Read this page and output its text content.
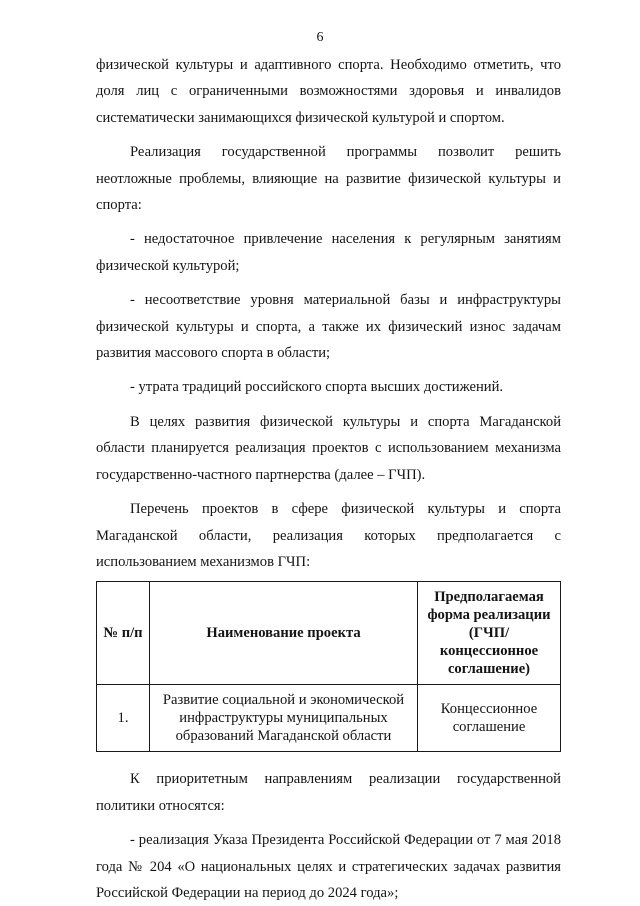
6

физической культуры и адаптивного спорта. Необходимо отметить, что доля лиц с ограниченными возможностями здоровья и инвалидов систематически занимающихся физической культурой и спортом.

Реализация государственной программы позволит решить неотложные проблемы, влияющие на развитие физической культуры и спорта:

- недостаточное привлечение населения к регулярным занятиям физической культурой;

- несоответствие уровня материальной базы и инфраструктуры физической культуры и спорта, а также их физический износ задачам развития массового спорта в области;

- утрата традиций российского спорта высших достижений.

В целях развития физической культуры и спорта Магаданской области планируется реализация проектов с использованием механизма государственно-частного партнерства (далее – ГЧП).

Перечень проектов в сфере физической культуры и спорта Магаданской области, реализация которых предполагается с использованием механизмов ГЧП:

№ п/п	Наименование проекта	Предполагаемая форма реализации (ГЧП/концессионное соглашение)
1.	Развитие социальной и экономической инфраструктуры муниципальных образований Магаданской области	Концессионное соглашение

К приоритетным направлениям реализации государственной политики относятся:

- реализация Указа Президента Российской Федерации от 7 мая 2018 года № 204 «О национальных целях и стратегических задачах развития Российской Федерации на период до 2024 года»;
